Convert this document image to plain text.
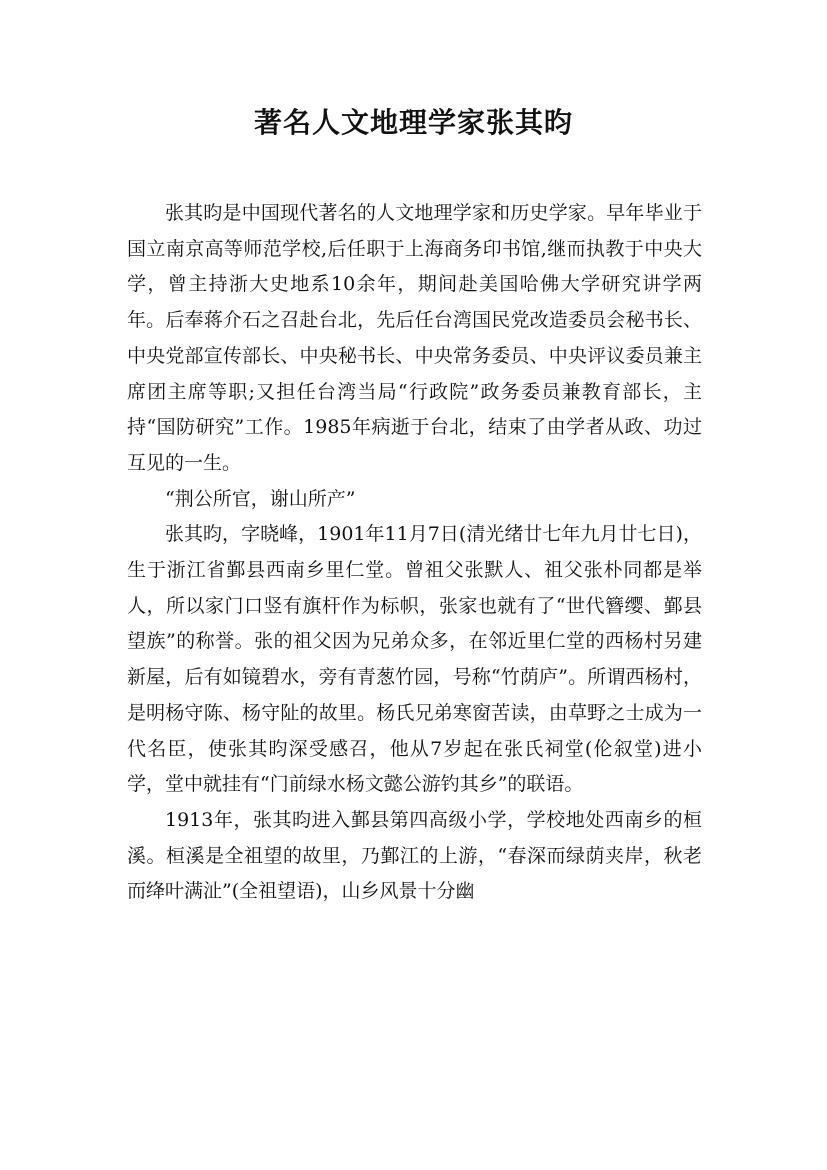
著名人文地理学家张其昀

张其昀是中国现代著名的人文地理学家和历史学家。早年毕业于国立南京高等师范学校,后任职于上海商务印书馆,继而执教于中央大学，曾主持浙大史地系10余年，期间赴美国哈佛大学研究讲学两年。后奉蒋介石之召赴台北，先后任台湾国民党改造委员会秘书长、中央党部宣传部长、中央秘书长、中央常务委员、中央评议委员兼主席团主席等职;又担任台湾当局“行政院”政务委员兼教育部长，主持“国防研究”工作。1985年病逝于台北，结束了由学者从政、功过互见的一生。

“荆公所官，谢山所产”

张其昀，字晓峰，1901年11月7日(清光绪廿七年九月廿七日)，生于浙江省鄞县西南乡里仁堂。曾祖父张默人、祖父张朴同都是举人，所以家门口竖有旗杆作为标帜，张家也就有了“世代簪缨、鄞县望族”的称誉。张的祖父因为兄弟众多，在邻近里仁堂的西杨村另建新屋，后有如镜碧水，旁有青葱竹园，号称“竹荫庐”。所谓西杨村，是明杨守陈、杨守阯的故里。杨氏兄弟寒窗苦读，由草野之士成为一代名臣，使张其昀深受感召，他从7岁起在张氏祠堂(伦叙堂)进小学，堂中就挂有“门前绿水杨文懿公游钓其乡”的联语。

1913年，张其昀进入鄞县第四高级小学，学校地处西南乡的桓溪。桓溪是全祖望的故里，乃鄞江的上游，“春深而绿荫夹岸，秋老而绛叶满沚”(全祖望语)，山乡风景十分幽
